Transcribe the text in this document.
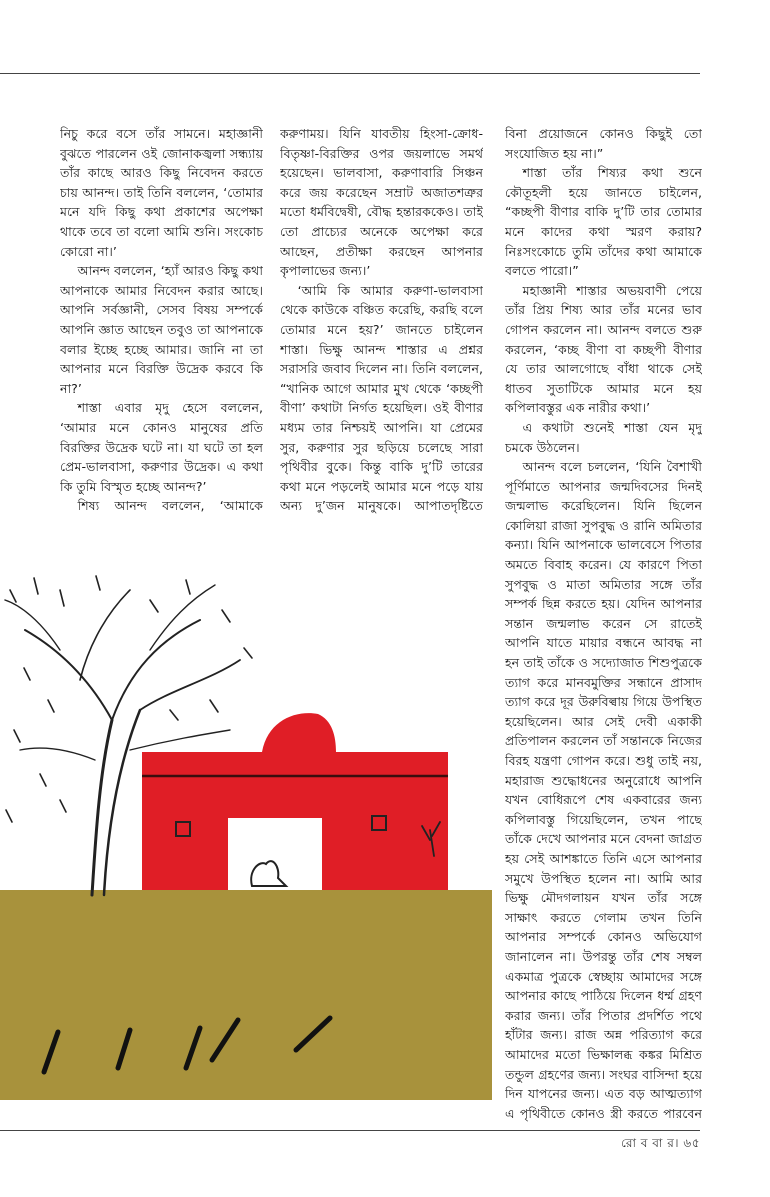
নিচু করে বসে তাঁর সামনে। মহাজ্ঞানী বুঝতে পারলেন ওই জোনাকজ্বলা সন্ধ্যায় তাঁর কাছে আরও কিছু নিবেদন করতে চায় আনন্দ। তাই তিনি বললেন, ‘তোমার মনে যদি কিছু কথা প্রকাশের অপেক্ষা থাকে তবে তা বলো আমি শুনি। সংকোচ কোরো না।’

আনন্দ বললেন, ‘হ্যাঁ আরও কিছু কথা আপনাকে আমার নিবেদন করার আছে। আপনি সর্বজ্ঞানী, সেসব বিষয় সম্পর্কে আপনি জ্ঞাত আছেন তবুও তা আপনাকে বলার ইচ্ছে হচ্ছে আমার। জানি না তা আপনার মনে বিরক্তি উদ্রেক করবে কি না?’

শাস্তা এবার মৃদু হেসে বললেন, ‘আমার মনে কোনও মানুষের প্রতি বিরক্তির উদ্রেক ঘটে না। যা ঘটে তা হল প্রেম-ভালবাসা, করুণার উদ্রেক। এ কথা কি তুমি বিস্মৃত হচ্ছে আনন্দ?’

শিষ্য আনন্দ বললেন, ‘আমাকে

করুণাময়। যিনি যাবতীয় হিংসা-ক্রোধ-বিতৃষ্ণা-বিরক্তির ওপর জয়লাভে সমর্থ হয়েছেন। ভালবাসা, করুণাবারি সিঞ্চন করে জয় করেছেন সম্রাট অজাতশত্রুর মতো ধর্মবিদ্বেষী, বৌদ্ধ হন্তারককেও। তাই তো প্রাচ্যের অনেকে অপেক্ষা করে আছেন, প্রতীক্ষা করছেন আপনার কৃপালাভের জন্য।’

‘আমি কি আমার করুণা-ভালবাসা থেকে কাউকে বঞ্চিত করেছি, করছি বলে তোমার মনে হয়?’ জানতে চাইলেন শাস্তা। ভিক্ষু আনন্দ শাস্তার এ প্রশ্নর সরাসরি জবাব দিলেন না। তিনি বললেন, “খানিক আগে আমার মুখ থেকে ‘কচ্ছপী বীণা’ কথাটা নির্গত হয়েছিল। ওই বীণার মধ্যম তার নিশ্চয়ই আপনি। যা প্রেমের সুর, করুণার সুর ছড়িয়ে চলেছে সারা পৃথিবীর বুকে। কিন্তু বাকি দু’টি তারের কথা মনে পড়লেই আমার মনে পড়ে যায় অন্য দু’জন মানুষকে। আপাতদৃষ্টিতে

বিনা প্রয়োজনে কোনও কিছুই তো সংযোজিত হয় না।”

শাস্তা তাঁর শিষ্যর কথা শুনে কৌতূহলী হয়ে জানতে চাইলেন, “কচ্ছপী বীণার বাকি দু’টি তার তোমার মনে কাদের কথা স্মরণ করায়? নিঃসংকোচে তুমি তাঁদের কথা আমাকে বলতে পারো।”

মহাজ্ঞানী শাস্তার অভয়বাণী পেয়ে তাঁর প্রিয় শিষ্য আর তাঁর মনের ভাব গোপন করলেন না। আনন্দ বলতে শুরু করলেন, ‘কচ্ছ বীণা বা কচ্ছপী বীণার যে তার আলগোছে বাঁধা থাকে সেই ধাতব সুতাটিকে আমার মনে হয় কপিলাবস্তুর এক নারীর কথা।’

এ কথাটা শুনেই শাস্তা যেন মৃদু চমকে উঠলেন।

আনন্দ বলে চললেন, ‘যিনি বৈশাখী পূর্ণিমাতে আপনার জন্মদিবসের দিনই জন্মলাভ করেছিলেন। যিনি ছিলেন কোলিয়া রাজা সুপবুদ্ধ ও রানি অমিতার কন্যা। যিনি আপনাকে ভালবেসে পিতার অমতে বিবাহ করেন। যে কারণে পিতা সুপবুদ্ধ ও মাতা অমিতার সঙ্গে তাঁর সম্পর্ক ছিন্ন করতে হয়। যেদিন আপনার সন্তান জন্মলাভ করেন সে রাতেই আপনি যাতে মায়ার বন্ধনে আবদ্ধ না হন তাই তাঁকে ও সদ্যোজাত শিশুপুত্রকে ত্যাগ করে মানবমুক্তির সন্ধানে প্রাসাদ ত্যাগ করে দূর উরুবিল্বায় গিয়ে উপস্থিত হয়েছিলেন। আর সেই দেবী একাকী প্রতিপালন করলেন তাঁ সন্তানকে নিজের বিরহ যন্ত্রণা গোপন করে। শুধু তাই নয়, মহারাজ শুদ্ধোধনের অনুরোধে আপনি যখন বোধিরূপে শেষ একবারের জন্য কপিলাবস্তু গিয়েছিলেন, তখন পাছে তাঁকে দেখে আপনার মনে বেদনা জাগ্রত হয় সেই আশঙ্কাতে তিনি এসে আপনার সমুখে উপস্থিত হলেন না। আমি আর ভিক্ষু মৌদগলায়ন যখন তাঁর সঙ্গে সাক্ষাৎ করতে গেলাম তখন তিনি আপনার সম্পর্কে কোনও অভিযোগ জানালেন না। উপরন্তু তাঁর শেষ সম্বল একমাত্র পুত্রকে স্বেচ্ছায় আমাদের সঙ্গে আপনার কাছে পাঠিয়ে দিলেন ধর্ম্ম গ্রহণ করার জন্য। তাঁর পিতার প্রদর্শিত পথে হাঁটার জন্য। রাজ অন্ন পরিত্যাগ করে আমাদের মতো ভিক্ষালব্ধ কঙ্কর মিশ্রিত তন্ডুল গ্রহণের জন্য। সংঘর বাসিন্দা হয়ে দিন যাপনের জন্য। এত বড় আত্মত্যাগ এ পৃথিবীতে কোনও স্ত্রী করতে পারবেন

রো ব বা র। ৬৫
